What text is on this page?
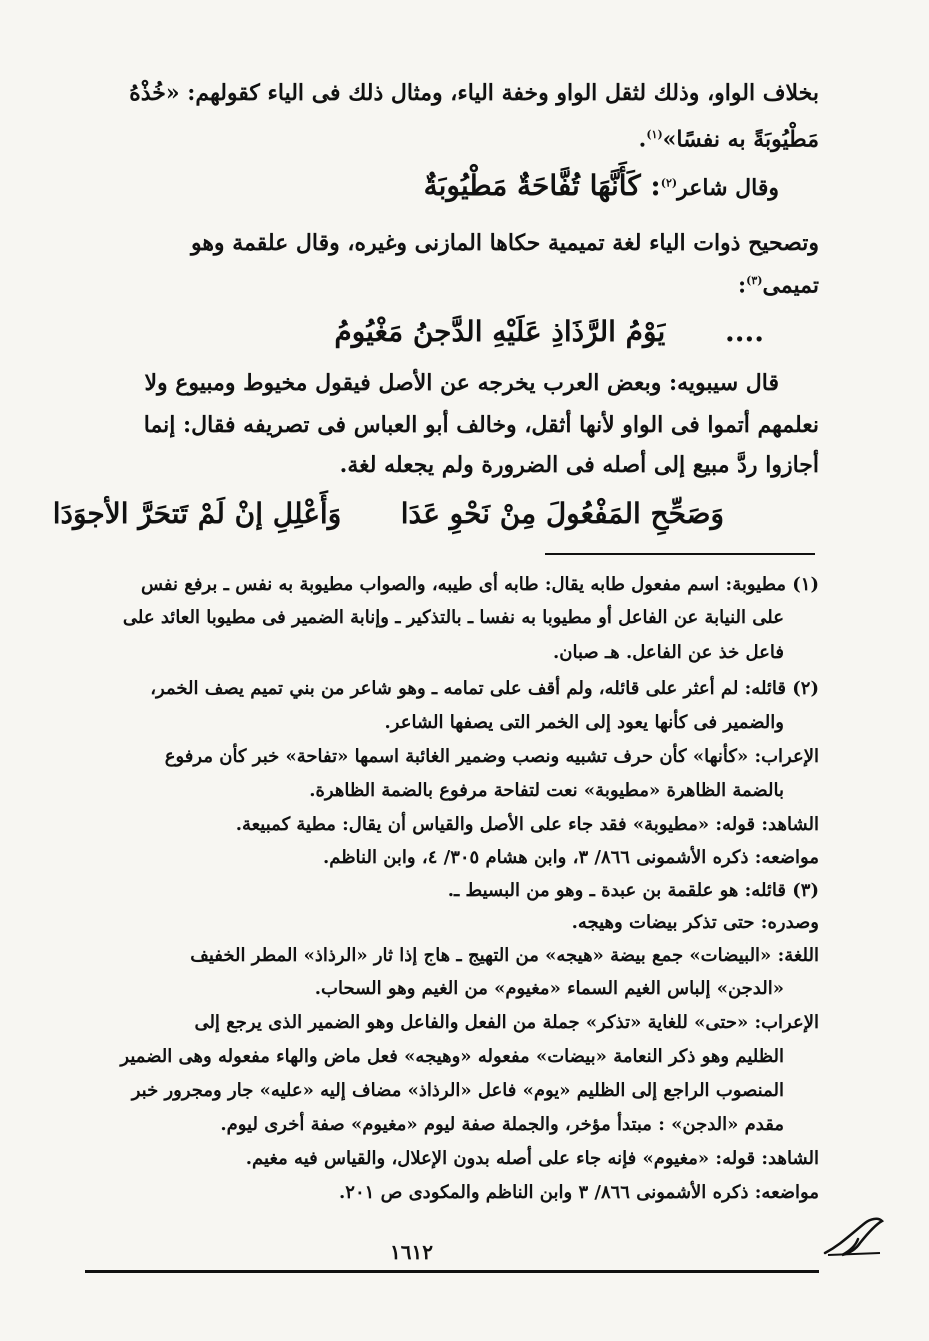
بخلاف الواو، وذلك لثقل الواو وخفة الياء، ومثال ذلك فى الياء كقولهم: «خُذْهُ
مَطْيُوبَةً به نفسًا»$^{(١)}$.
وقال شاعر$^{(٢)}$: كَأَنَّهَا تُفَّاحَةٌ مَطْيُوبَةٌ
وتصحيح ذوات الياء لغة تميمية حكاها المازنى وغيره، وقال علقمة وهو
تميمى$^{(٣)}$:
.... يَوْمُ الرَّذَاذِ عَلَيْهِ الدَّجنُ مَغْيُومُ
قال سيبويه: وبعض العرب يخرجه عن الأصل فيقول مخيوط ومبيوع ولا
نعلمهم أتموا فى الواو لأنها أثقل، وخالف أبو العباس فى تصريفه فقال: إنما
أجازوا ردَّ مبيع إلى أصله فى الضرورة ولم يجعله لغة.
وَصَحِّحِ المَفْعُولَ مِنْ نَحْوِ عَدَا  وَأَعْلِلِ إنْ لَمْ تَتحَرَّ الأجوَدَا
(١) مطيوبة: اسم مفعول طابه يقال: طابه أى طيبه، والصواب مطيوبة به نفس ـ برفع نفس
على النيابة عن الفاعل أو مطيوبا به نفسا ـ بالتذكير ـ وإنابة الضمير فى مطيوبا العائد على
فاعل خذ عن الفاعل. هـ صبان.
(٢) قائله: لم أعثر على قائله، ولم أقف على تمامه ـ وهو شاعر من بني تميم يصف الخمر،
والضمير فى كأنها يعود إلى الخمر التى يصفها الشاعر.
الإعراب: «كأنها» كأن حرف تشبيه ونصب وضمير الغائبة اسمها «تفاحة» خبر كأن مرفوع
بالضمة الظاهرة «مطيوبة» نعت لتفاحة مرفوع بالضمة الظاهرة.
الشاهد: قوله: «مطيوبة» فقد جاء على الأصل والقياس أن يقال: مطية كمبيعة.
مواضعه: ذكره الأشمونى ٨٦٦/ ٣، وابن هشام ٣٠٥/ ٤، وابن الناظم.
(٣) قائله: هو علقمة بن عبدة ـ وهو من البسيط ـ.
وصدره: حتى تذكر بيضات وهيجه.
اللغة: «البيضات» جمع بيضة «هيجه» من التهيج ـ هاج إذا ثار «الرذاذ» المطر الخفيف
«الدجن» إلباس الغيم السماء «مغيوم» من الغيم وهو السحاب.
الإعراب: «حتى» للغاية «تذكر» جملة من الفعل والفاعل وهو الضمير الذى يرجع إلى
الظليم وهو ذكر النعامة «بيضات» مفعوله «وهيجه» فعل ماض والهاء مفعوله وهى الضمير
المنصوب الراجع إلى الظليم «يوم» فاعل «الرذاذ» مضاف إليه «عليه» جار ومجرور خبر
مقدم «الدجن» : مبتدأ مؤخر، والجملة صفة ليوم «مغيوم» صفة أخرى ليوم.
الشاهد: قوله: «مغيوم» فإنه جاء على أصله بدون الإعلال، والقياس فيه مغيم.
مواضعه: ذكره الأشمونى ٨٦٦/ ٣ وابن الناظم والمكودى ص ٢٠١.
١٦١٢
